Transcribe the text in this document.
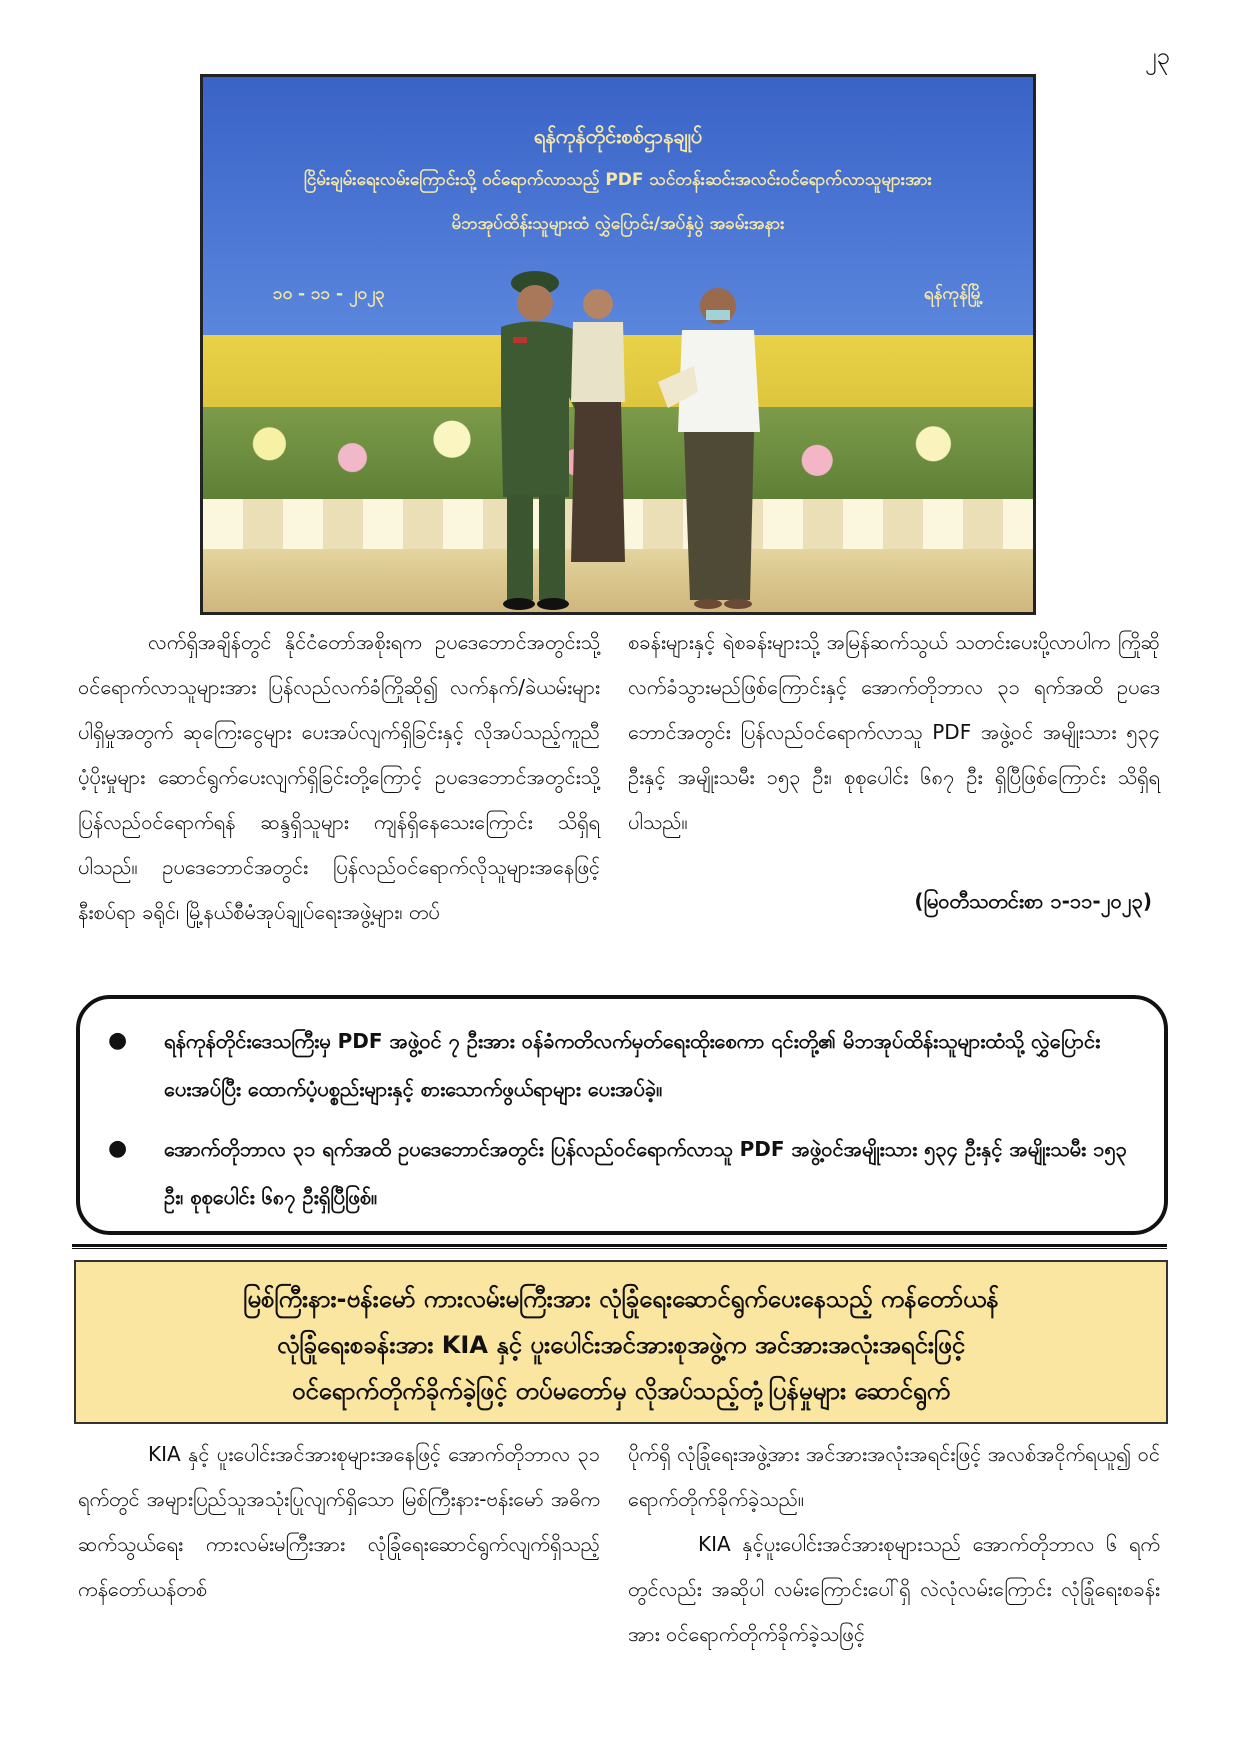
၂၃
ရန်ကုန်တိုင်းစစ်ဌာနချုပ်
ငြိမ်းချမ်းရေးလမ်းကြောင်းသို့ ဝင်ရောက်လာသည့် PDF သင်တန်းဆင်းအလင်းဝင်ရောက်လာသူများအား
မိဘအုပ်ထိန်းသူများထံ လွှဲပြောင်း/အပ်နှံပွဲ အခမ်းအနား
၁၀ - ၁၁ - ၂၀၂၃	ရန်ကုန်မြို့
လက်ရှိအချိန်တွင် နိုင်ငံတော်အစိုးရက ဥပဒေဘောင်အတွင်းသို့ ဝင်ရောက်လာသူများအား ပြန်လည်လက်ခံကြိုဆို၍ လက်နက်/ခဲယမ်းများပါရှိမှုအတွက် ဆုကြေးငွေများ ပေးအပ်လျက်ရှိခြင်းနှင့် လိုအပ်သည့်ကူညီပံ့ပိုးမှုများ ဆောင်ရွက်ပေးလျက်ရှိခြင်းတို့ကြောင့် ဥပဒေဘောင်အတွင်းသို့ ပြန်လည်ဝင်ရောက်ရန် ဆန္ဒရှိသူများ ကျန်ရှိနေသေးကြောင်း သိရှိရပါသည်။ ဥပဒေဘောင်အတွင်း ပြန်လည်ဝင်ရောက်လိုသူများအနေဖြင့် နီးစပ်ရာ ခရိုင်၊ မြို့နယ်စီမံအုပ်ချုပ်ရေးအဖွဲ့များ၊ တပ်
စခန်းများနှင့် ရဲစခန်းများသို့ အမြန်ဆက်သွယ် သတင်းပေးပို့လာပါက ကြိုဆိုလက်ခံသွားမည်ဖြစ်ကြောင်းနှင့် အောက်တိုဘာလ ၃၁ ရက်အထိ ဥပဒေဘောင်အတွင်း ပြန်လည်ဝင်ရောက်လာသူ PDF အဖွဲ့ဝင် အမျိုးသား ၅၃၄ ဦးနှင့် အမျိုးသမီး ၁၅၃ ဦး၊ စုစုပေါင်း ၆၈၇ ဦး ရှိပြီဖြစ်ကြောင်း သိရှိရပါသည်။
(မြဝတီသတင်းစာ ၁-၁၁-၂၀၂၃)
● ရန်ကုန်တိုင်းဒေသကြီးမှ PDF အဖွဲ့ဝင် ၇ ဦးအား ဝန်ခံကတိလက်မှတ်ရေးထိုးစေကာ ၎င်းတို့၏ မိဘအုပ်ထိန်းသူများထံသို့ လွှဲပြောင်းပေးအပ်ပြီး ထောက်ပံ့ပစ္စည်းများနှင့် စားသောက်ဖွယ်ရာများ ပေးအပ်ခဲ့။
● အောက်တိုဘာလ ၃၁ ရက်အထိ ဥပဒေဘောင်အတွင်း ပြန်လည်ဝင်ရောက်လာသူ PDF အဖွဲ့ဝင်အမျိုးသား ၅၃၄ ဦးနှင့် အမျိုးသမီး ၁၅၃ ဦး၊ စုစုပေါင်း ၆၈၇ ဦးရှိပြီဖြစ်။
မြစ်ကြီးနား-ဗန်းမော် ကားလမ်းမကြီးအား လုံခြုံရေးဆောင်ရွက်ပေးနေသည့် ကန်တော်ယန်
လုံခြုံရေးစခန်းအား KIA နှင့် ပူးပေါင်းအင်အားစုအဖွဲ့က အင်အားအလုံးအရင်းဖြင့်
ဝင်ရောက်တိုက်ခိုက်ခဲ့ဖြင့် တပ်မတော်မှ လိုအပ်သည့်တုံ့ပြန်မှုများ ဆောင်ရွက်
KIA နှင့် ပူးပေါင်းအင်အားစုများအနေဖြင့် အောက်တိုဘာလ ၃၁ ရက်တွင် အများပြည်သူအသုံးပြုလျက်ရှိသော မြစ်ကြီးနား-ဗန်းမော် အဓိကဆက်သွယ်ရေး ကားလမ်းမကြီးအား လုံခြုံရေးဆောင်ရွက်လျက်ရှိသည့် ကန်တော်ယန်တစ်
ပိုက်ရှိ လုံခြုံရေးအဖွဲ့အား အင်အားအလုံးအရင်းဖြင့် အလစ်အငိုက်ရယူ၍ ဝင်ရောက်တိုက်ခိုက်ခဲ့သည်။
KIA နှင့်ပူးပေါင်းအင်အားစုများသည် အောက်တိုဘာလ ၆ ရက်တွင်လည်း အဆိုပါ လမ်းကြောင်းပေါ်ရှိ လဲလုံလမ်းကြောင်း လုံခြုံရေးစခန်းအား ဝင်ရောက်တိုက်ခိုက်ခဲ့သဖြင့်
